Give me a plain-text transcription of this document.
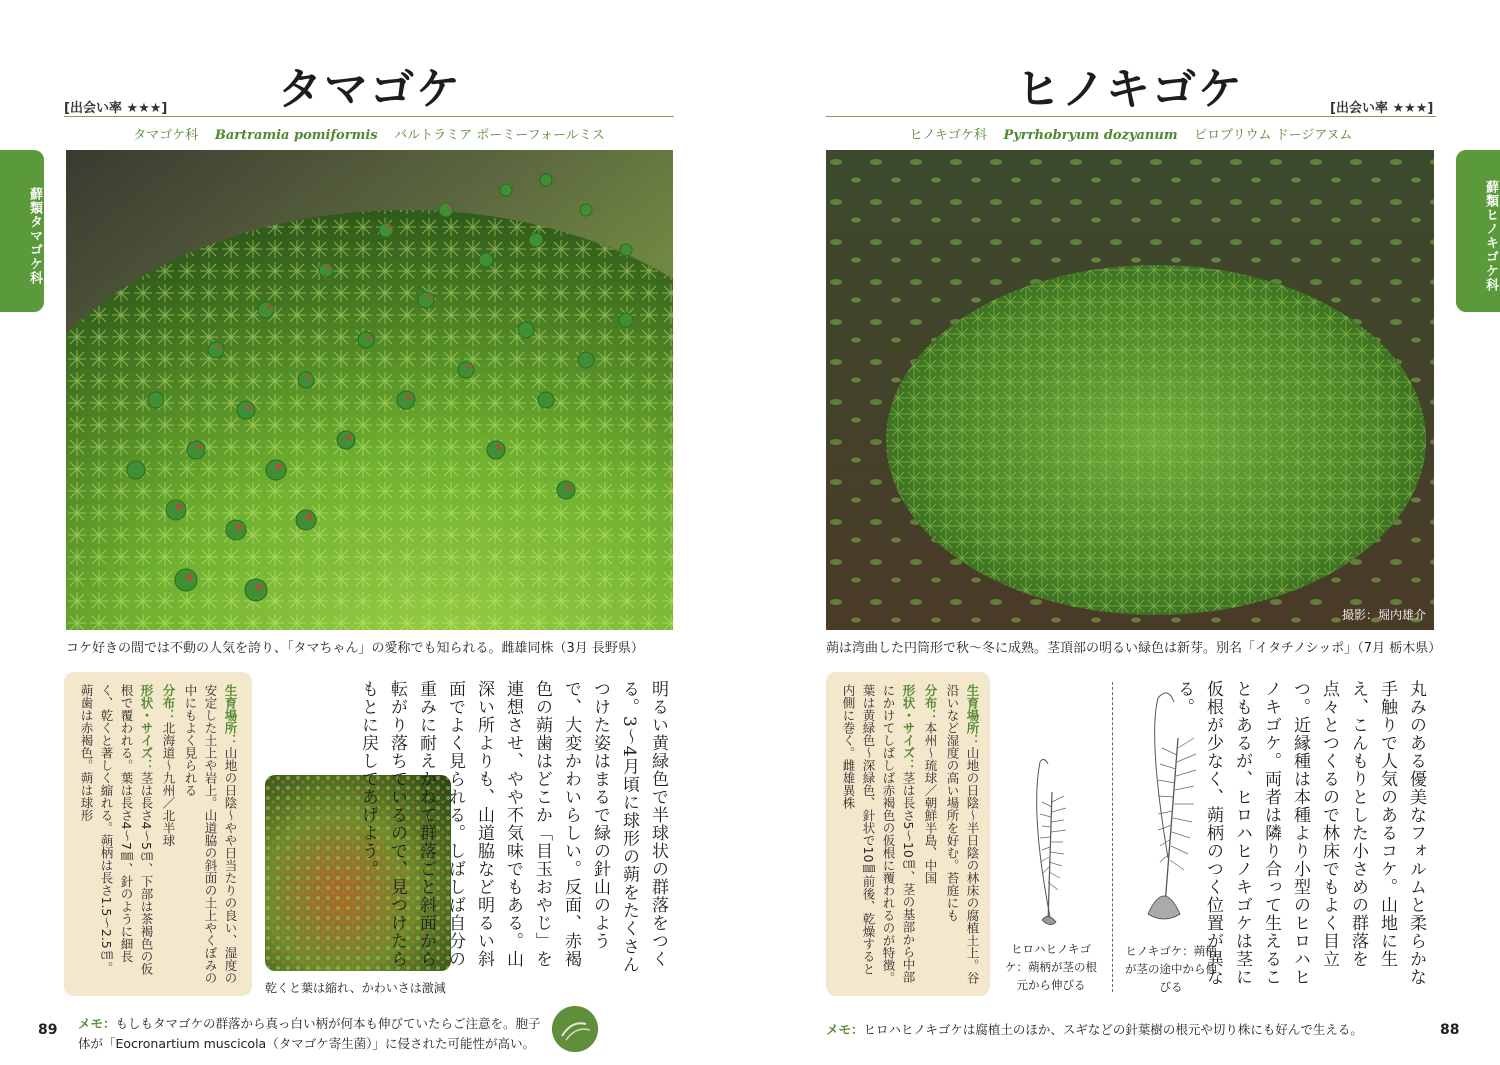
[出会い率 ★★★]	タマゴケ
タマゴケ科 Bartramia pomiformis バルトラミア ポーミーフォールミス
蘚類タマゴケ科
コケ好きの間では不動の人気を誇り、「タマちゃん」の愛称でも知られる。雌雄同株（3月 長野県）

生育場所：山地の日陰～やや日当たりの良い、湿度の安定した土上や岩上。山道脇の斜面の土上やくぼみの中にもよく見られる

分布：北海道～九州／北半球

形状・サイズ：茎は長さ4～5㎝、下部は茶褐色の仮根で覆われる。葉は長さ4～7㎜、針のように細長く、乾くと著しく縮れる。蒴柄は長さ1.5～2.5㎝。蒴歯は赤褐色。蒴は球形

乾くと葉は縮れ、かわいさは激減
明るい黄緑色で半球状の群落をつくる。3～4月頃に球形の蒴をたくさんつけた姿はまるで緑の針山のようで、大変かわいらしい。反面、赤褐色の蒴歯はどこか「目玉おやじ」を連想させ、やや不気味でもある。山深い所よりも、山道脇など明るい斜面でよく見られる。しばしば自分の重みに耐えかねて群落ごと斜面から転がり落ちているので、見つけたらもとに戻してあげよう。
89 メモ：もしもタマゴケの群落から真っ白い柄が何本も伸びていたらご注意を。胞子体が「Eocronartium muscicola（タマゴケ寄生菌）」に侵された可能性が高い。
ヒノキゴケ	[出会い率 ★★★]
ヒノキゴケ科 Pyrrhobryum dozyanum ピロブリウム ドージアヌム
蘚類ヒノキゴケ科
撮影：堀内雄介
蒴は湾曲した円筒形で秋～冬に成熟。茎頂部の明るい緑色は新芽。別名「イタチノシッポ」（7月 栃木県）

生育場所：山地の日陰～半日陰の林床の腐植土上。谷沿いなど湿度の高い場所を好む。苔庭にも

分布：本州～琉球／朝鮮半島、中国

形状・サイズ：茎は長さ5～10㎝、茎の基部から中部にかけてしばしば赤褐色の仮根に覆われるのが特徴。葉は黄緑色～深緑色、針状で10㎜前後、乾燥すると内側に巻く。雌雄異株

ヒロハヒノキゴケ：蒴柄が茎の根元から伸びる
ヒノキゴケ：蒴柄が茎の途中から伸びる
丸みのある優美なフォルムと柔らかな手触りで人気のあるコケ。山地に生え、こんもりとした小さめの群落を点々とつくるので林床でもよく目立つ。近縁種は本種より小型のヒロハヒノキゴケ。両者は隣り合って生えることもあるが、ヒロハヒノキゴケは茎に仮根が少なく、蒴柄のつく位置が異なる。
メモ：ヒロハヒノキゴケは腐植土のほか、スギなどの針葉樹の根元や切り株にも好んで生える。	88
